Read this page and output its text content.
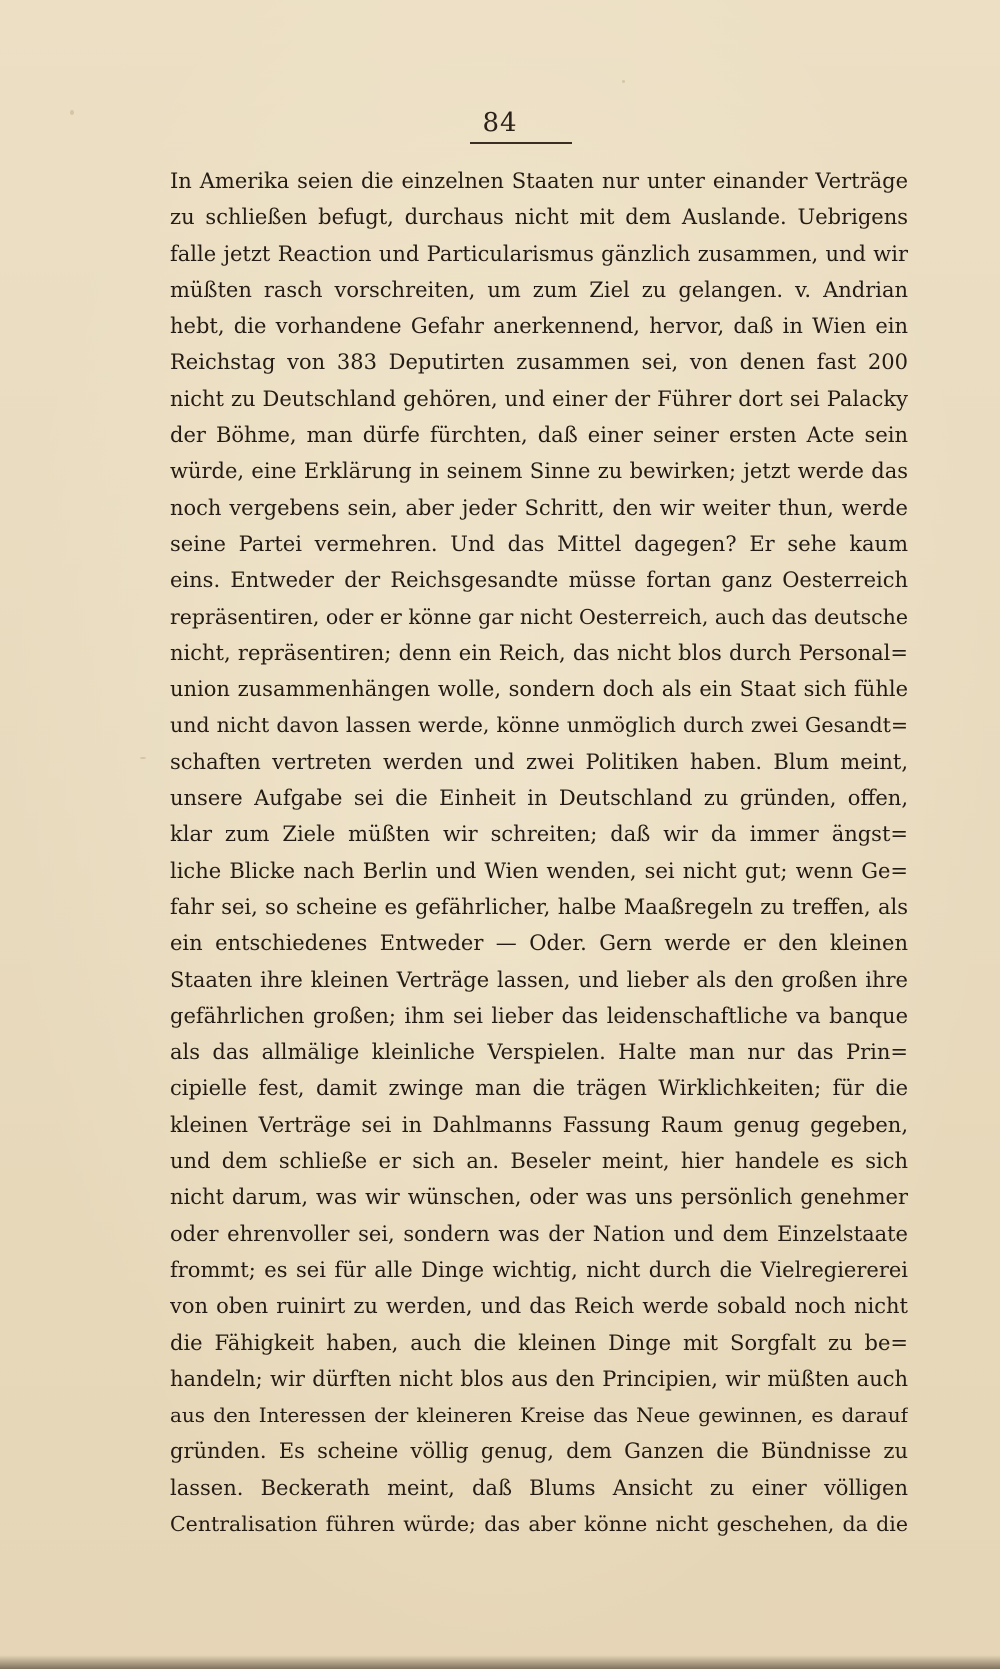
84
In Amerika seien die einzelnen Staaten nur unter einander Verträge
zu schließen befugt, durchaus nicht mit dem Auslande. Uebrigens
falle jetzt Reaction und Particularismus gänzlich zusammen, und wir
müßten rasch vorschreiten, um zum Ziel zu gelangen. v. Andrian
hebt, die vorhandene Gefahr anerkennend, hervor, daß in Wien ein
Reichstag von 383 Deputirten zusammen sei, von denen fast 200
nicht zu Deutschland gehören, und einer der Führer dort sei Palacky
der Böhme, man dürfe fürchten, daß einer seiner ersten Acte sein
würde, eine Erklärung in seinem Sinne zu bewirken; jetzt werde das
noch vergebens sein, aber jeder Schritt, den wir weiter thun, werde
seine Partei vermehren. Und das Mittel dagegen? Er sehe kaum
eins. Entweder der Reichsgesandte müsse fortan ganz Oesterreich
repräsentiren, oder er könne gar nicht Oesterreich, auch das deutsche
nicht, repräsentiren; denn ein Reich, das nicht blos durch Personal=
union zusammenhängen wolle, sondern doch als ein Staat sich fühle
und nicht davon lassen werde, könne unmöglich durch zwei Gesandt=
schaften vertreten werden und zwei Politiken haben. Blum meint,
unsere Aufgabe sei die Einheit in Deutschland zu gründen, offen,
klar zum Ziele müßten wir schreiten; daß wir da immer ängst=
liche Blicke nach Berlin und Wien wenden, sei nicht gut; wenn Ge=
fahr sei, so scheine es gefährlicher, halbe Maaßregeln zu treffen, als
ein entschiedenes Entweder — Oder. Gern werde er den kleinen
Staaten ihre kleinen Verträge lassen, und lieber als den großen ihre
gefährlichen großen; ihm sei lieber das leidenschaftliche va banque
als das allmälige kleinliche Verspielen. Halte man nur das Prin=
cipielle fest, damit zwinge man die trägen Wirklichkeiten; für die
kleinen Verträge sei in Dahlmanns Fassung Raum genug gegeben,
und dem schließe er sich an. Beseler meint, hier handele es sich
nicht darum, was wir wünschen, oder was uns persönlich genehmer
oder ehrenvoller sei, sondern was der Nation und dem Einzelstaate
frommt; es sei für alle Dinge wichtig, nicht durch die Vielregiererei
von oben ruinirt zu werden, und das Reich werde sobald noch nicht
die Fähigkeit haben, auch die kleinen Dinge mit Sorgfalt zu be=
handeln; wir dürften nicht blos aus den Principien, wir müßten auch
aus den Interessen der kleineren Kreise das Neue gewinnen, es darauf
gründen. Es scheine völlig genug, dem Ganzen die Bündnisse zu
lassen. Beckerath meint, daß Blums Ansicht zu einer völligen
Centralisation führen würde; das aber könne nicht geschehen, da die
